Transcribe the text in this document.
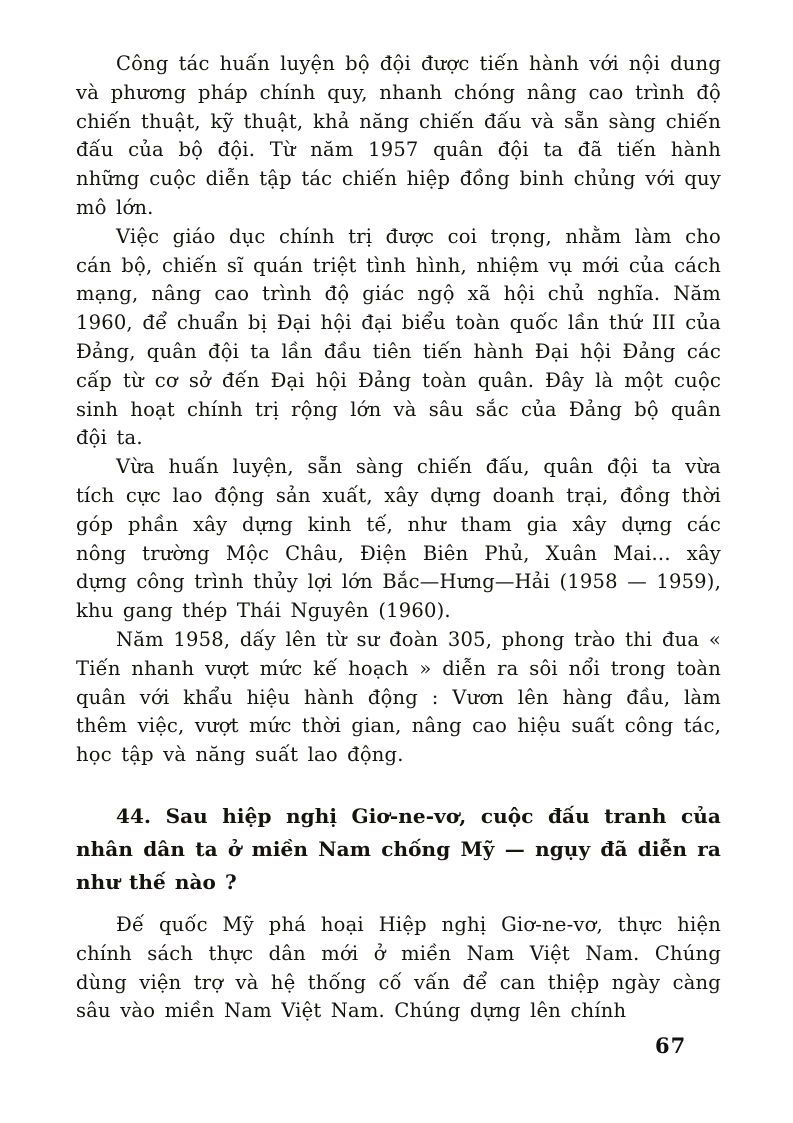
Công tác huấn luyện bộ đội được tiến hành với nội dung và phương pháp chính quy, nhanh chóng nâng cao trình độ chiến thuật, kỹ thuật, khả năng chiến đấu và sẵn sàng chiến đấu của bộ đội. Từ năm 1957 quân đội ta đã tiến hành những cuộc diễn tập tác chiến hiệp đồng binh chủng với quy mô lớn.

Việc giáo dục chính trị được coi trọng, nhằm làm cho cán bộ, chiến sĩ quán triệt tình hình, nhiệm vụ mới của cách mạng, nâng cao trình độ giác ngộ xã hội chủ nghĩa. Năm 1960, để chuẩn bị Đại hội đại biểu toàn quốc lần thứ III của Đảng, quân đội ta lần đầu tiên tiến hành Đại hội Đảng các cấp từ cơ sở đến Đại hội Đảng toàn quân. Đây là một cuộc sinh hoạt chính trị rộng lớn và sâu sắc của Đảng bộ quân đội ta.

Vừa huấn luyện, sẵn sàng chiến đấu, quân đội ta vừa tích cực lao động sản xuất, xây dựng doanh trại, đồng thời góp phần xây dựng kinh tế, như tham gia xây dựng các nông trường Mộc Châu, Điện Biên Phủ, Xuân Mai... xây dựng công trình thủy lợi lớn Bắc—Hưng—Hải (1958 — 1959), khu gang thép Thái Nguyên (1960).

Năm 1958, dấy lên từ sư đoàn 305, phong trào thi đua « Tiến nhanh vượt mức kế hoạch » diễn ra sôi nổi trong toàn quân với khẩu hiệu hành động : Vươn lên hàng đầu, làm thêm việc, vượt mức thời gian, nâng cao hiệu suất công tác, học tập và năng suất lao động.

44. Sau hiệp nghị Giơ-ne-vơ, cuộc đấu tranh của nhân dân ta ở miền Nam chống Mỹ — ngụy đã diễn ra như thế nào ?

Đế quốc Mỹ phá hoại Hiệp nghị Giơ-ne-vơ, thực hiện chính sách thực dân mới ở miền Nam Việt Nam. Chúng dùng viện trợ và hệ thống cố vấn để can thiệp ngày càng sâu vào miền Nam Việt Nam. Chúng dựng lên chính

67
